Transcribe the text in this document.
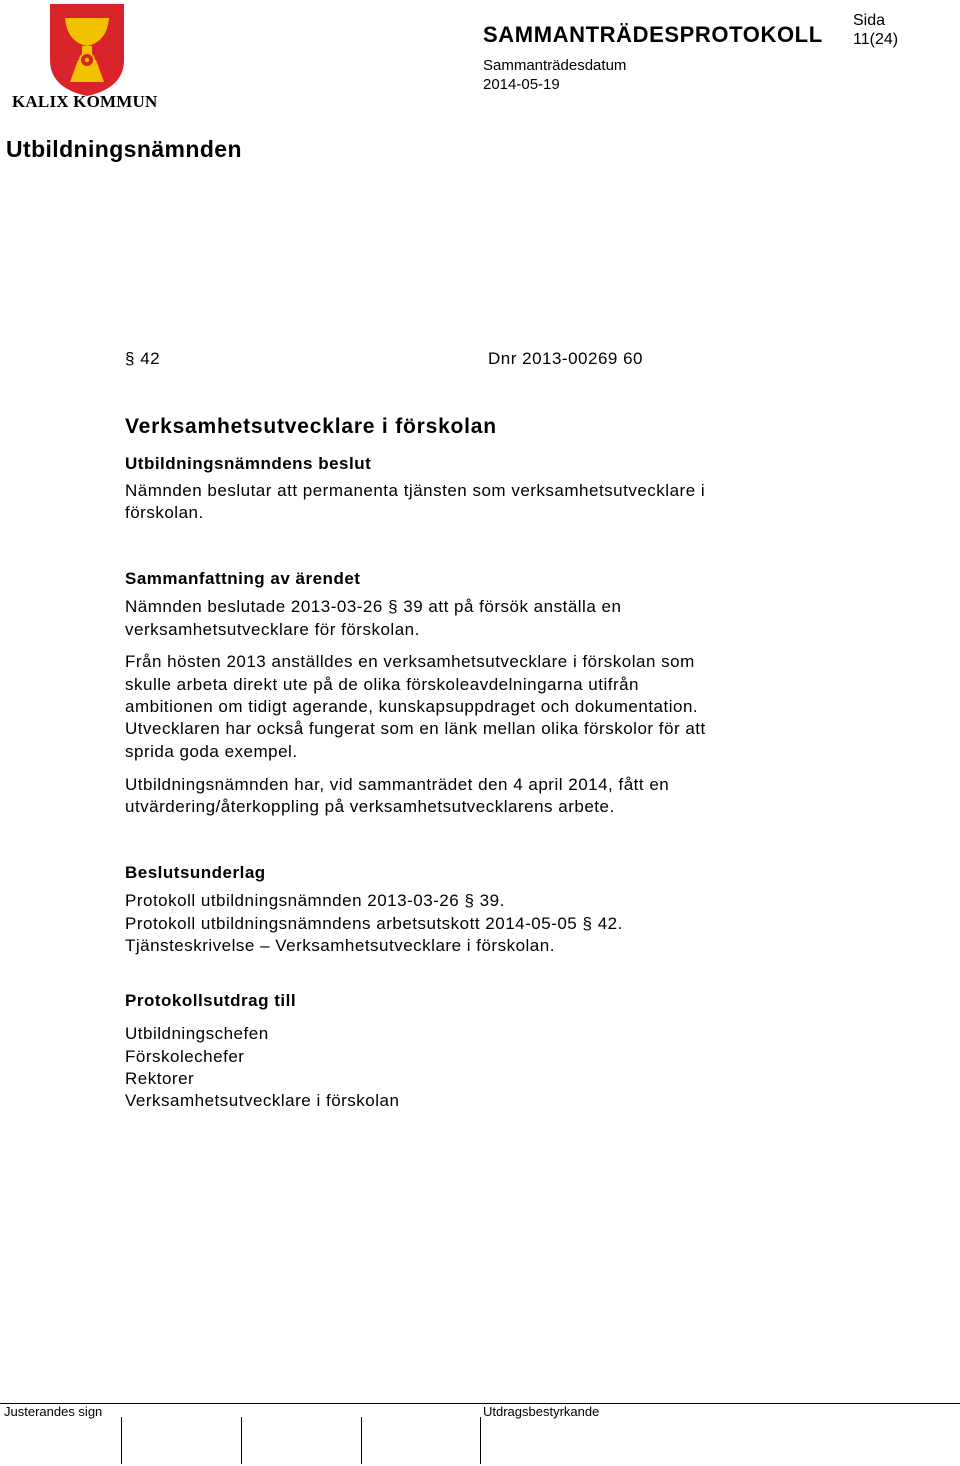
KALIX KOMMUN
SAMMANTRÄDESPROTOKOLL
Sida
11(24)
Sammanträdesdatum
2014-05-19
Utbildningsnämnden
§ 42	Dnr 2013-00269 60
Verksamhetsutvecklare i förskolan
Utbildningsnämndens beslut
Nämnden beslutar att permanenta tjänsten som verksamhetsutvecklare i
förskolan.
Sammanfattning av ärendet
Nämnden beslutade 2013-03-26 § 39 att på försök anställa en
verksamhetsutvecklare för förskolan.
Från hösten 2013 anställdes en verksamhetsutvecklare i förskolan som
skulle arbeta direkt ute på de olika förskoleavdelningarna utifrån
ambitionen om tidigt agerande, kunskapsuppdraget och dokumentation.
Utvecklaren har också fungerat som en länk mellan olika förskolor för att
sprida goda exempel.
Utbildningsnämnden har, vid sammanträdet den 4 april 2014, fått en
utvärdering/återkoppling på verksamhetsutvecklarens arbete.
Beslutsunderlag
Protokoll utbildningsnämnden 2013-03-26 § 39.
Protokoll utbildningsnämndens arbetsutskott 2014-05-05 § 42.
Tjänsteskrivelse – Verksamhetsutvecklare i förskolan.
Protokollsutdrag till
Utbildningschefen
Förskolechefer
Rektorer
Verksamhetsutvecklare i förskolan
Justerandes sign	Utdragsbestyrkande
